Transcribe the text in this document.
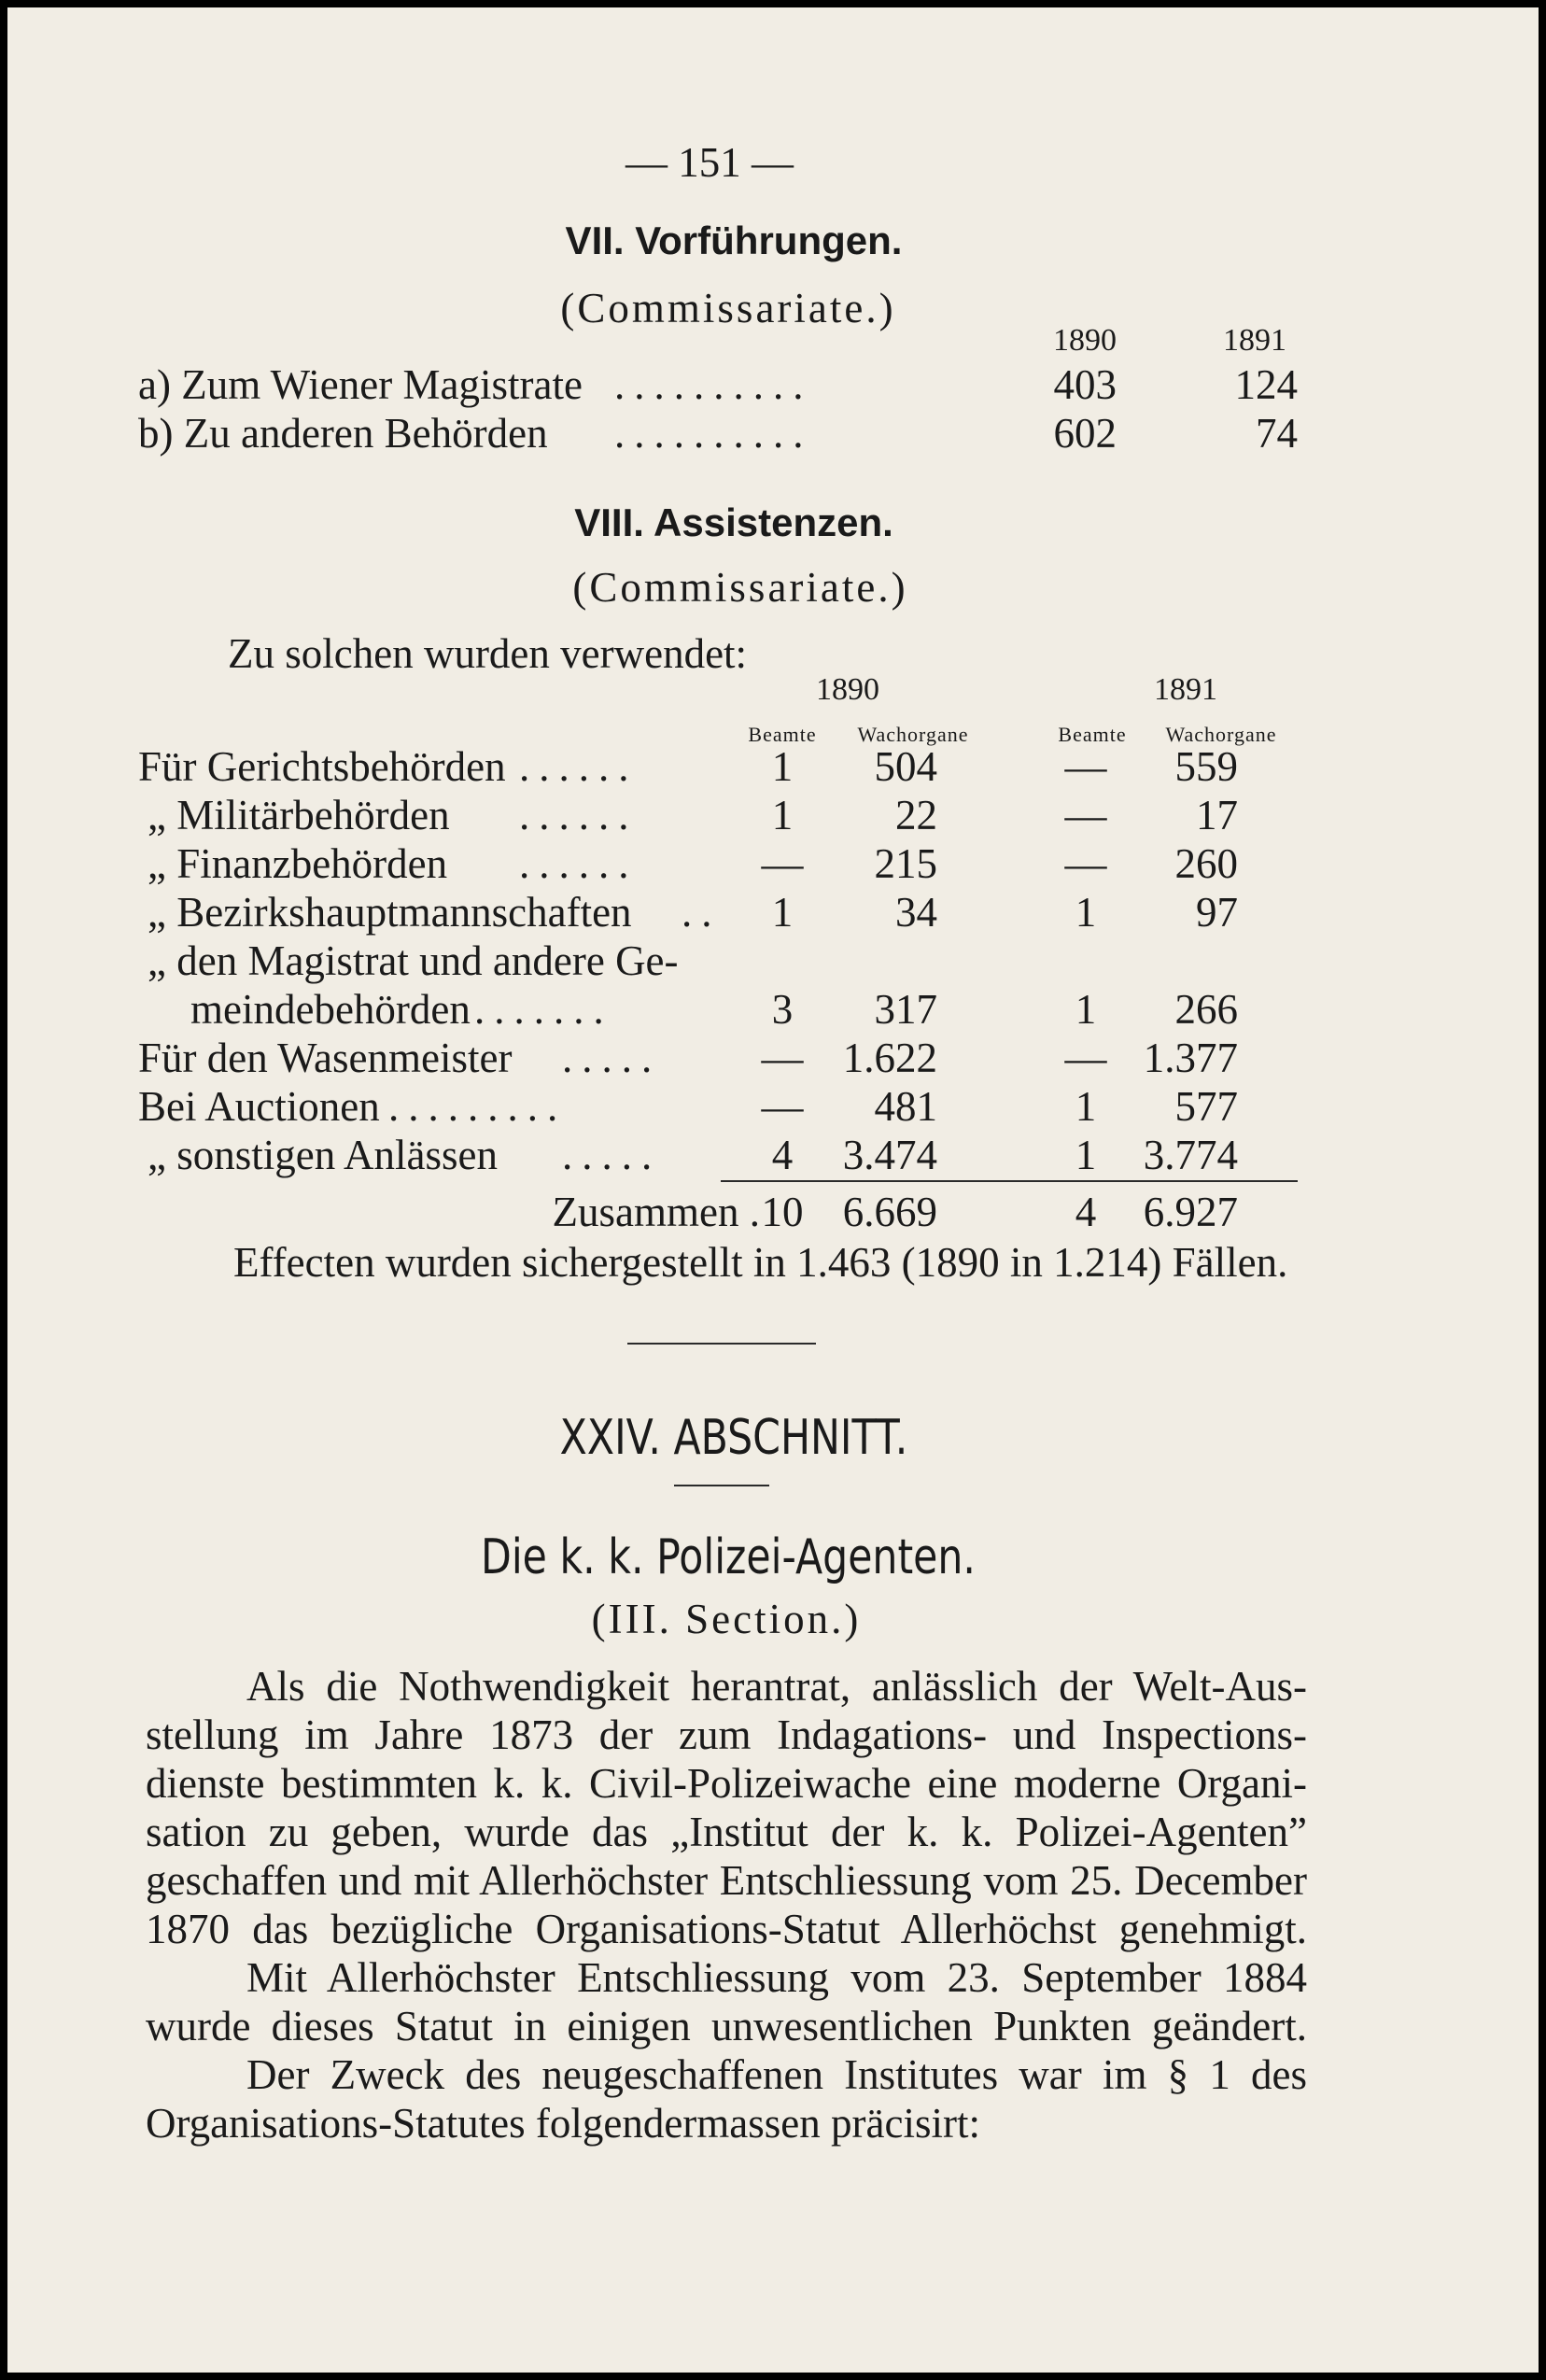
— 151 —
VII. Vorführungen.
(Commissariate.)
1890	1891
a) Zum Wiener Magistrate ..........	403	124
b) Zu anderen Behörden ..........	602	74
VIII. Assistenzen.
(Commissariate.)
Zu solchen wurden verwendet:
1890	1891
Beamte Wachorgane	Beamte Wachorgane
Für Gerichtsbehörden ......	1 504	— 559
„ Militärbehörden ......	1 22	— 17
„ Finanzbehörden ......	— 215	— 260
„ Bezirkshauptmannschaften .. 1 34	1 97
„ den Magistrat und andere Ge-
meindebehörden .......	3 317	1 266
Für den Wasenmeister ..... — 1.622	— 1.377
Bei Auctionen .........	— 481	1 577
„ sonstigen Anlässen .....	4 3.474	1 3.774
Zusammen . 10 6.669	4 6.927
Effecten wurden sichergestellt in 1.463 (1890 in 1.214) Fällen.
XXIV. ABSCHNITT.
Die k. k. Polizei-Agenten.
(III. Section.)
Als die Nothwendigkeit herantrat, anlässlich der Welt-Aus-
stellung im Jahre 1873 der zum Indagations- und Inspections-
dienste bestimmten k. k. Civil-Polizeiwache eine moderne Organi-
sation zu geben, wurde das „Institut der k. k. Polizei-Agenten”
geschaffen und mit Allerhöchster Entschliessung vom 25. December
1870 das bezügliche Organisations-Statut Allerhöchst genehmigt.
Mit Allerhöchster Entschliessung vom 23. September 1884
wurde dieses Statut in einigen unwesentlichen Punkten geändert.
Der Zweck des neugeschaffenen Institutes war im § 1 des
Organisations-Statutes folgendermassen präcisirt:
